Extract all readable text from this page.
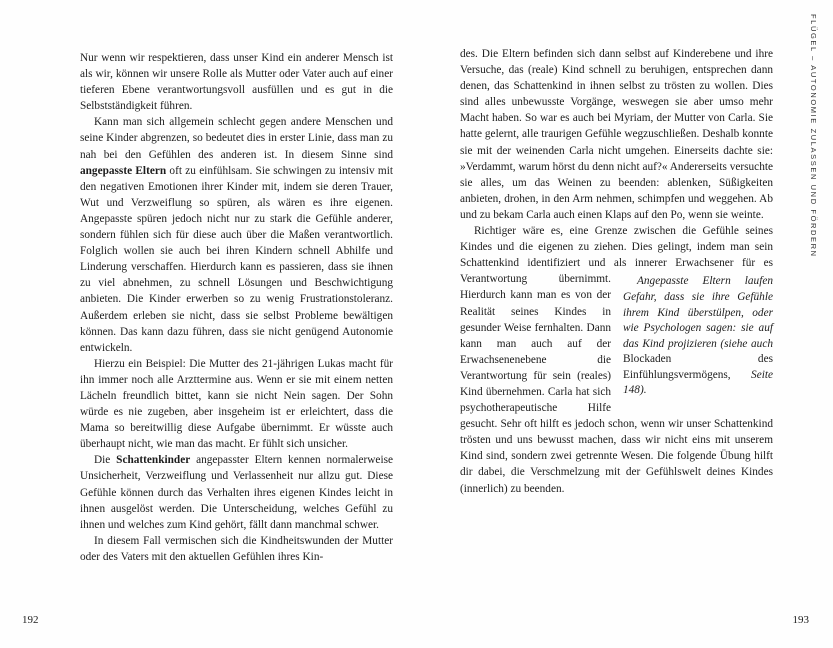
FLÜGEL – AUTONOMIE ZULASSEN UND FÖRDERN

Nur wenn wir respektieren, dass unser Kind ein anderer Mensch ist als wir, können wir unsere Rolle als Mutter oder Vater auch auf einer tieferen Ebene verantwortungsvoll ausfüllen und es gut in die Selbstständigkeit führen.

Kann man sich allgemein schlecht gegen andere Menschen und seine Kinder abgrenzen, so bedeutet dies in erster Linie, dass man zu nah bei den Gefühlen des anderen ist. In diesem Sinne sind angepasste Eltern oft zu einfühlsam. Sie schwingen zu intensiv mit den negativen Emotionen ihrer Kinder mit, indem sie deren Trauer, Wut und Verzweiflung so spüren, als wären es ihre eigenen. Angepasste spüren jedoch nicht nur zu stark die Gefühle anderer, sondern fühlen sich für diese auch über die Maßen verantwortlich. Folglich wollen sie auch bei ihren Kindern schnell Abhilfe und Linderung verschaffen. Hierdurch kann es passieren, dass sie ihnen zu viel abnehmen, zu schnell Lösungen und Beschwichtigung anbieten. Die Kinder erwerben so zu wenig Frustrationstoleranz. Außerdem erleben sie nicht, dass sie selbst Probleme bewältigen können. Das kann dazu führen, dass sie nicht genügend Autonomie entwickeln.

Hierzu ein Beispiel: Die Mutter des 21-jährigen Lukas macht für ihn immer noch alle Arzttermine aus. Wenn er sie mit einem netten Lächeln freundlich bittet, kann sie nicht Nein sagen. Der Sohn würde es nie zugeben, aber insgeheim ist er erleichtert, dass die Mama so bereitwillig diese Aufgabe übernimmt. Er wüsste auch überhaupt nicht, wie man das macht. Er fühlt sich unsicher.

Die Schattenkinder angepasster Eltern kennen normalerweise Unsicherheit, Verzweiflung und Verlassenheit nur allzu gut. Diese Gefühle können durch das Verhalten ihres eigenen Kindes leicht in ihnen ausgelöst werden. Die Unterscheidung, welches Gefühl zu ihnen und welches zum Kind gehört, fällt dann manchmal schwer.

In diesem Fall vermischen sich die Kindheitswunden der Mutter oder des Vaters mit den aktuellen Gefühlen ihres Kin-

des. Die Eltern befinden sich dann selbst auf Kinderebene und ihre Versuche, das (reale) Kind schnell zu beruhigen, entsprechen dann denen, das Schattenkind in ihnen selbst zu trösten zu wollen. Dies sind alles unbewusste Vorgänge, weswegen sie aber umso mehr Macht haben. So war es auch bei Myriam, der Mutter von Carla. Sie hatte gelernt, alle traurigen Gefühle wegzuschließen. Deshalb konnte sie mit der weinenden Carla nicht umgehen. Einerseits dachte sie: »Verdammt, warum hörst du denn nicht auf?« Andererseits versuchte sie alles, um das Weinen zu beenden: ablenken, Süßigkeiten anbieten, drohen, in den Arm nehmen, schimpfen und weggehen. Ab und zu bekam Carla auch einen Klaps auf den Po, wenn sie weinte.

Richtiger wäre es, eine Grenze zwischen die Gefühle seines Kindes und die eigenen zu ziehen. Dies gelingt, indem man sein Schattenkind identifiziert und als innerer Erwachsener für es Verantwortung übernimmt.	Angepasste Eltern laufen Gefahr, dass sie ihre Gefühle ihrem Kind überstülpen, oder wie Psychologen sagen: sie auf das Kind projizieren (siehe auch Blockaden des Einfühlungsvermögens, Seite 148).
Hierdurch kann man es von der Realität seines Kindes in gesunder Weise fernhalten. Dann kann man auch auf der Erwachsenenebene die Verantwortung für sein (reales) Kind übernehmen. Carla hat sich psychotherapeutische Hilfe gesucht. Sehr oft hilft es jedoch schon, wenn wir unser Schattenkind trösten und uns bewusst machen, dass wir nicht eins mit unserem Kind sind, sondern zwei getrennte Wesen. Die folgende Übung hilft dir dabei, die Verschmelzung mit der Gefühlswelt deines Kindes (innerlich) zu beenden.

192	193
